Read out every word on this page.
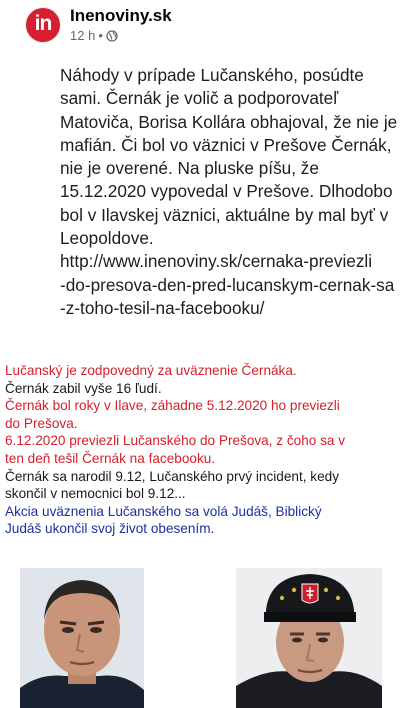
in	Inenoviny.sk
12 h •

Náhody v prípade Lučanského, posúdte

sami. Černák je volič a podporovateľ

Matoviča, Borisa Kollára obhajoval, že nie je

mafián. Či bol vo väznici v Prešove Černák,

nie je overené. Na pluske píšu, že

15.12.2020 vypovedal v Prešove. Dlhodobo

bol v Ilavskej väznici, aktuálne by mal byť v

Leopoldove.

http://www.inenoviny.sk/cernaka-previezli

-do-presova-den-pred-lucanskym-cernak-sa

-z-toho-tesil-na-facebooku/

Lučanský je zodpovedný za uväznenie Černáka.
Černák zabil vyše 16 ľudí.
Černák bol roky v Ilave, záhadne 5.12.2020 ho previezli
do Prešova.
6.12.2020 previezli Lučanského do Prešova, z čoho sa v
ten deň tešil Černák na facebooku.
Černák sa narodil 9.12, Lučanského prvý incident, kedy
skončil v nemocnici bol 9.12...
Akcia uväznenia Lučanského sa volá Judáš, Biblický
Judáš ukončil svoj život obesením.
